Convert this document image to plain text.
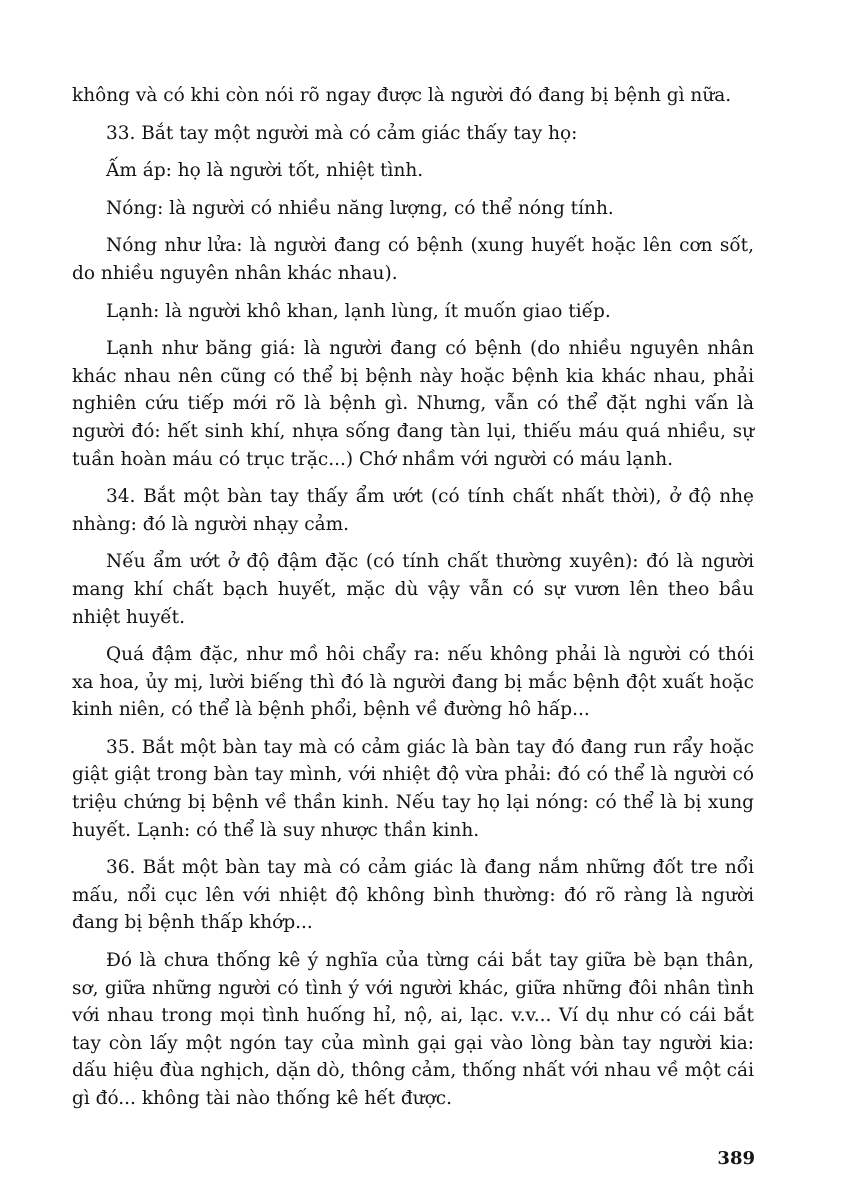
không và có khi còn nói rõ ngay được là người đó đang bị bệnh gì nữa.

33. Bắt tay một người mà có cảm giác thấy tay họ:

Ấm áp: họ là người tốt, nhiệt tình.

Nóng: là người có nhiều năng lượng, có thể nóng tính.

Nóng như lửa: là người đang có bệnh (xung huyết hoặc lên cơn sốt, do nhiều nguyên nhân khác nhau).

Lạnh: là người khô khan, lạnh lùng, ít muốn giao tiếp.

Lạnh như băng giá: là người đang có bệnh (do nhiều nguyên nhân khác nhau nên cũng có thể bị bệnh này hoặc bệnh kia khác nhau, phải nghiên cứu tiếp mới rõ là bệnh gì. Nhưng, vẫn có thể đặt nghi vấn là người đó: hết sinh khí, nhựa sống đang tàn lụi, thiếu máu quá nhiều, sự tuần hoàn máu có trục trặc...) Chớ nhầm với người có máu lạnh.

34. Bắt một bàn tay thấy ẩm ướt (có tính chất nhất thời), ở độ nhẹ nhàng: đó là người nhạy cảm.

Nếu ẩm ướt ở độ đậm đặc (có tính chất thường xuyên): đó là người mang khí chất bạch huyết, mặc dù vậy vẫn có sự vươn lên theo bầu nhiệt huyết.

Quá đậm đặc, như mồ hôi chẩy ra: nếu không phải là người có thói xa hoa, ủy mị, lười biếng thì đó là người đang bị mắc bệnh đột xuất hoặc kinh niên, có thể là bệnh phổi, bệnh về đường hô hấp...

35. Bắt một bàn tay mà có cảm giác là bàn tay đó đang run rẩy hoặc giật giật trong bàn tay mình, với nhiệt độ vừa phải: đó có thể là người có triệu chứng bị bệnh về thần kinh. Nếu tay họ lại nóng: có thể là bị xung huyết. Lạnh: có thể là suy nhược thần kinh.

36. Bắt một bàn tay mà có cảm giác là đang nắm những đốt tre nổi mấu, nổi cục lên với nhiệt độ không bình thường: đó rõ ràng là người đang bị bệnh thấp khớp...

Đó là chưa thống kê ý nghĩa của từng cái bắt tay giữa bè bạn thân, sơ, giữa những người có tình ý với người khác, giữa những đôi nhân tình với nhau trong mọi tình huống hỉ, nộ, ai, lạc. v.v... Ví dụ như có cái bắt tay còn lấy một ngón tay của mình gại gại vào lòng bàn tay người kia: dấu hiệu đùa nghịch, dặn dò, thông cảm, thống nhất với nhau về một cái gì đó... không tài nào thống kê hết được.

389
